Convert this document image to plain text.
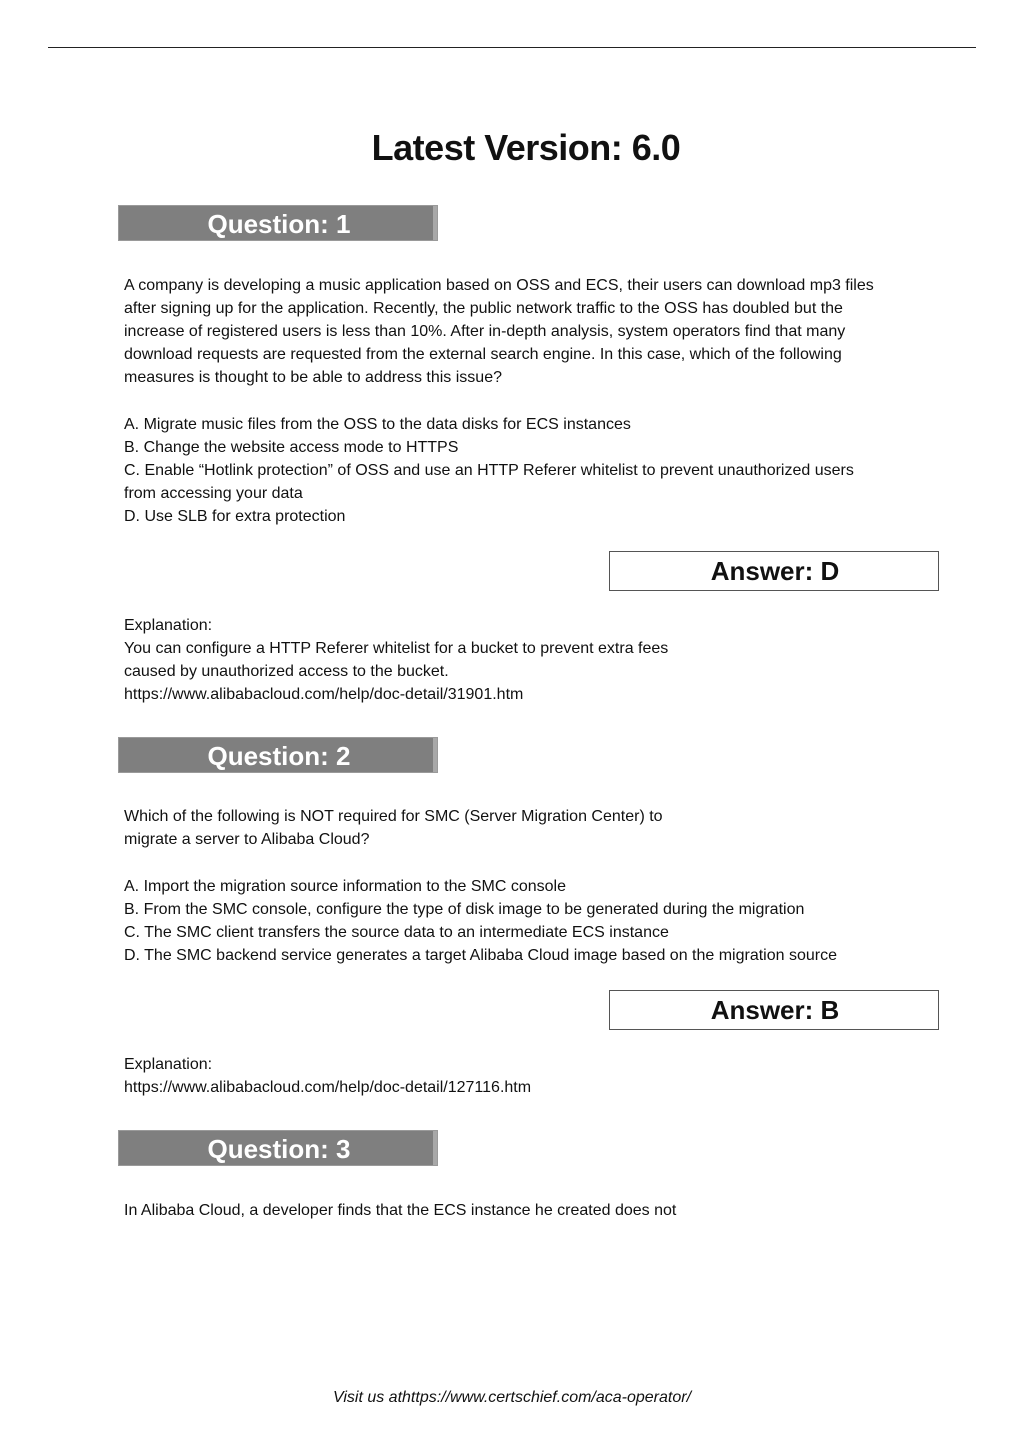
Latest Version: 6.0
Question: 1
A company is developing a music application based on OSS and ECS, their users can download mp3 files
after signing up for the application. Recently, the public network traffic to the OSS has doubled but the
increase of registered users is less than 10%. After in-depth analysis, system operators find that many
download requests are requested from the external search engine. In this case, which of the following
measures is thought to be able to address this issue?
A. Migrate music files from the OSS to the data disks for ECS instances
B. Change the website access mode to HTTPS
C. Enable “Hotlink protection” of OSS and use an HTTP Referer whitelist to prevent unauthorized users
from accessing your data
D. Use SLB for extra protection
Answer: D
Explanation:
You can configure a HTTP Referer whitelist for a bucket to prevent extra fees
caused by unauthorized access to the bucket.
https://www.alibabacloud.com/help/doc-detail/31901.htm
Question: 2
Which of the following is NOT required for SMC (Server Migration Center) to
migrate a server to Alibaba Cloud?
A. Import the migration source information to the SMC console
B. From the SMC console, configure the type of disk image to be generated during the migration
C. The SMC client transfers the source data to an intermediate ECS instance
D. The SMC backend service generates a target Alibaba Cloud image based on the migration source
Answer: B
Explanation:
https://www.alibabacloud.com/help/doc-detail/127116.htm
Question: 3
In Alibaba Cloud, a developer finds that the ECS instance he created does not
Visit us athttps://www.certschief.com/aca-operator/
